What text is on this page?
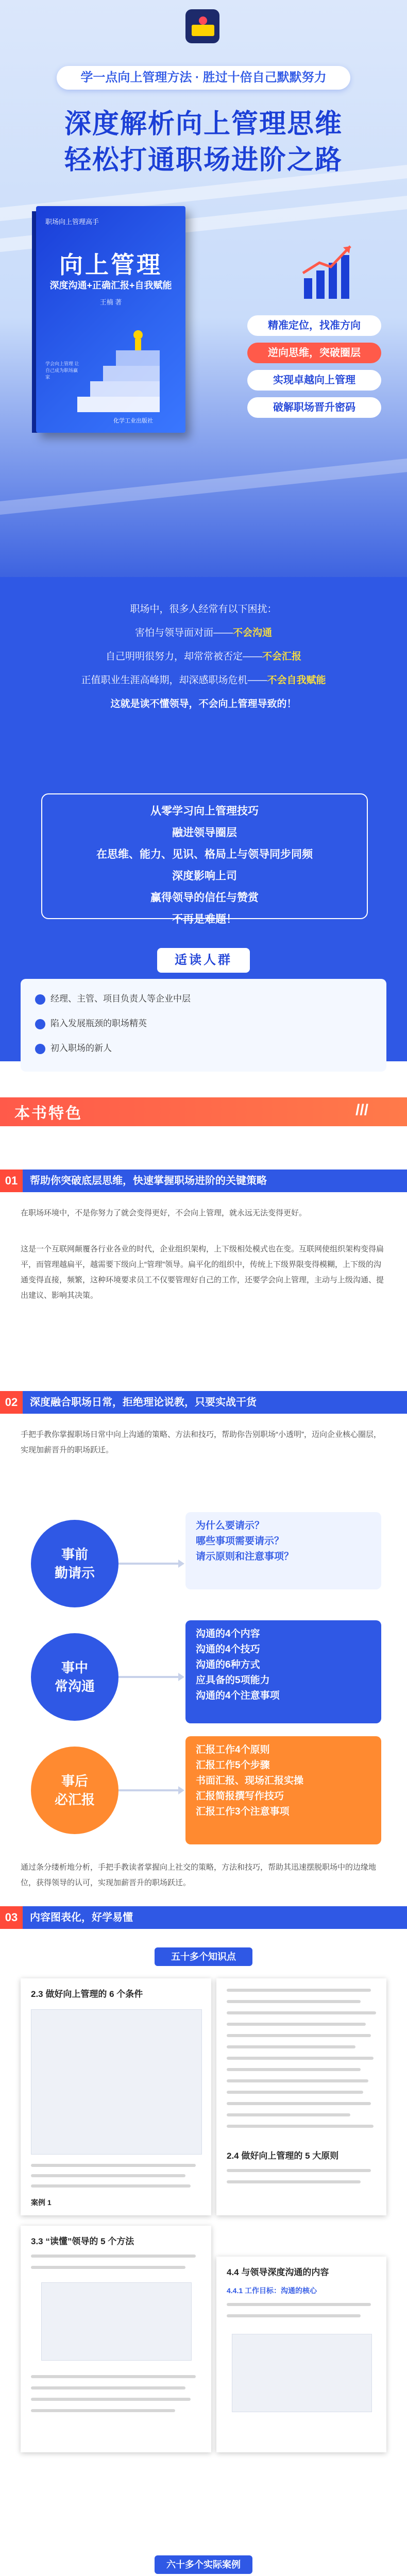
学一点向上管理方法 · 胜过十倍自己默默努力
深度解析向上管理思维
轻松打通职场进阶之路
职场向上管理高手
向上管理
深度沟通+正确汇报+自我赋能
王楠 著
学会向上管理 让自己成为职场赢家
化学工业出版社
精准定位，找准方向
逆向思维，突破圈层
实现卓越向上管理
破解职场晋升密码
职场中，很多人经常有以下困扰：
害怕与领导面对面——不会沟通
自己明明很努力，却常常被否定——不会汇报
正值职业生涯高峰期，却深感职场危机——不会自我赋能
这就是读不懂领导，不会向上管理导致的！
从零学习向上管理技巧
融进领导圈层
在思维、能力、见识、格局上与领导同步同频
深度影响上司
赢得领导的信任与赞赏
不再是难题！
适读人群
经理、主管、项目负责人等企业中层
陷入发展瓶颈的职场精英
初入职场的新人
本书特色	///
01	帮助你突破底层思维，快速掌握职场进阶的关键策略
在职场环境中，不是你努力了就会变得更好，不会向上管理，就永远无法变得更好。
这是一个互联网颠覆各行业各业的时代，企业组织架构，上下级相处模式也在变。互联网使组织架构变得扁平，而管理越扁平，越需要下级向上“管理”领导。扁平化的组织中，传统上下级界限变得模糊，上下级的沟通变得直接，频繁，这种环境要求员工不仅要管理好自己的工作，还要学会向上管理，主动与上级沟通、提出建议、影响其决策。
02	深度融合职场日常，拒绝理论说教，只要实战干货
手把手教你掌握职场日常中向上沟通的策略、方法和技巧，帮助你告别职场“小透明”，迈向企业核心圈层，实现加薪晋升的职场跃迁。
事前
勤请示
为什么要请示？
哪些事项需要请示？
请示原则和注意事项？
事中
常沟通
沟通的4个内容
沟通的4个技巧
沟通的6种方式
应具备的5项能力
沟通的4个注意事项
事后
必汇报
汇报工作4个原则
汇报工作5个步骤
书面汇报、现场汇报实操
汇报简报撰写作技巧
汇报工作3个注意事项
通过条分缕析地分析，手把手教读者掌握向上社交的策略，方法和技巧，帮助其迅速摆脱职场中的边缘地位，获得领导的认可，实现加薪晋升的职场跃迁。
03	内容图表化，好学易懂
五十多个知识点
2.3 做好向上管理的 6 个条件
案例 1
2.4 做好向上管理的 5 大原则
3.3 “读懂”领导的 5 个方法
4.4 与领导深度沟通的内容
4.4.1 工作目标：沟通的核心
六十多个实际案例
